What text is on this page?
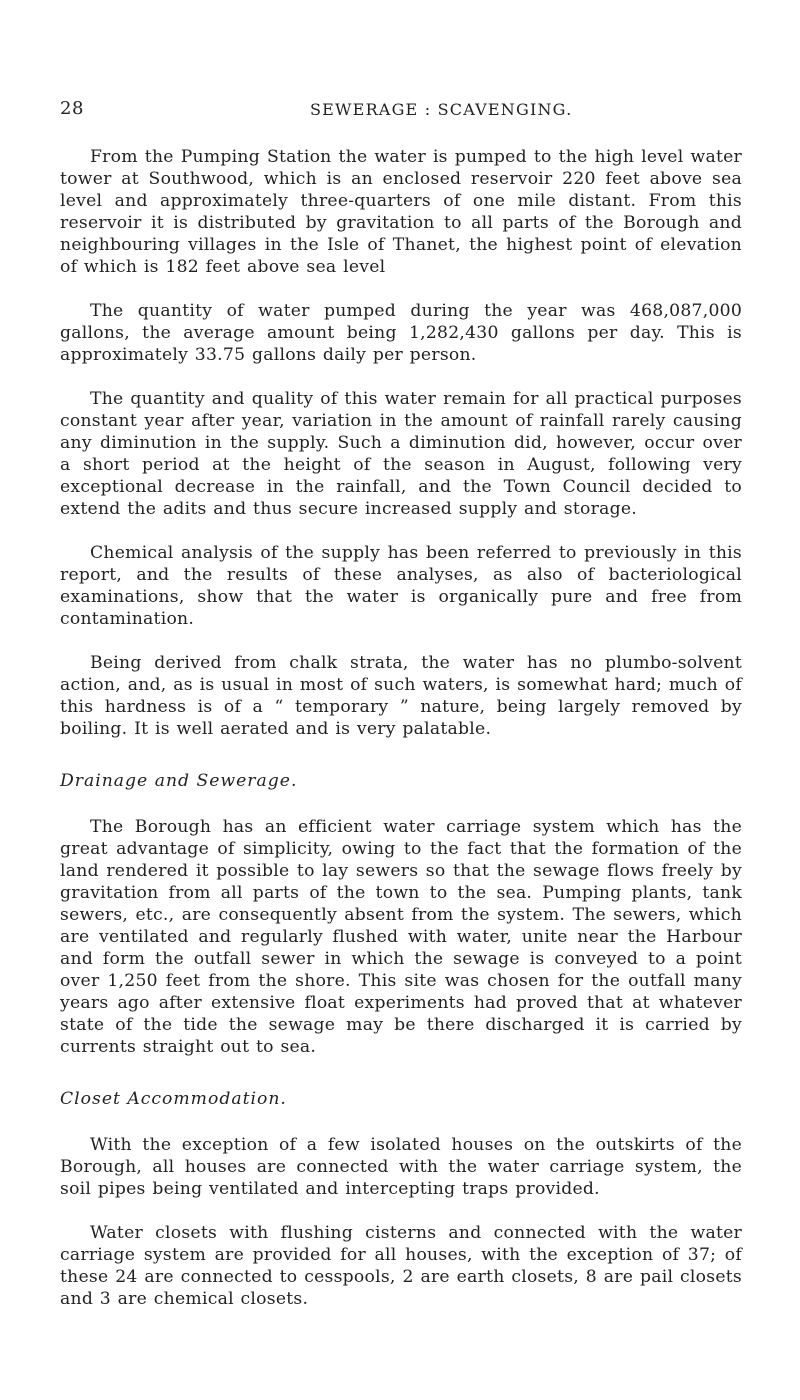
28	SEWERAGE : SCAVENGING.

From the Pumping Station the water is pumped to the high level water tower at Southwood, which is an enclosed reservoir 220 feet above sea level and approximately three-quarters of one mile distant. From this reservoir it is distributed by gravitation to all parts of the Borough and neighbouring villages in the Isle of Thanet, the highest point of elevation of which is 182 feet above sea level

The quantity of water pumped during the year was 468,087,000 gallons, the average amount being 1,282,430 gallons per day. This is approximately 33.75 gallons daily per person.

The quantity and quality of this water remain for all practical purposes constant year after year, variation in the amount of rainfall rarely causing any diminution in the supply. Such a diminution did, however, occur over a short period at the height of the season in August, following very exceptional decrease in the rainfall, and the Town Council decided to extend the adits and thus secure increased supply and storage.

Chemical analysis of the supply has been referred to previously in this report, and the results of these analyses, as also of bacteriological examinations, show that the water is organically pure and free from contamination.

Being derived from chalk strata, the water has no plumbo-solvent action, and, as is usual in most of such waters, is somewhat hard; much of this hardness is of a “ temporary ” nature, being largely removed by boiling. It is well aerated and is very palatable.

Drainage and Sewerage.

The Borough has an efficient water carriage system which has the great advantage of simplicity, owing to the fact that the formation of the land rendered it possible to lay sewers so that the sewage flows freely by gravitation from all parts of the town to the sea. Pumping plants, tank sewers, etc., are consequently absent from the system. The sewers, which are ventilated and regularly flushed with water, unite near the Harbour and form the outfall sewer in which the sewage is conveyed to a point over 1,250 feet from the shore. This site was chosen for the outfall many years ago after extensive float experiments had proved that at whatever state of the tide the sewage may be there discharged it is carried by currents straight out to sea.

Closet Accommodation.

With the exception of a few isolated houses on the outskirts of the Borough, all houses are connected with the water carriage system, the soil pipes being ventilated and intercepting traps provided.

Water closets with flushing cisterns and connected with the water carriage system are provided for all houses, with the exception of 37; of these 24 are connected to cesspools, 2 are earth closets, 8 are pail closets and 3 are chemical closets.
